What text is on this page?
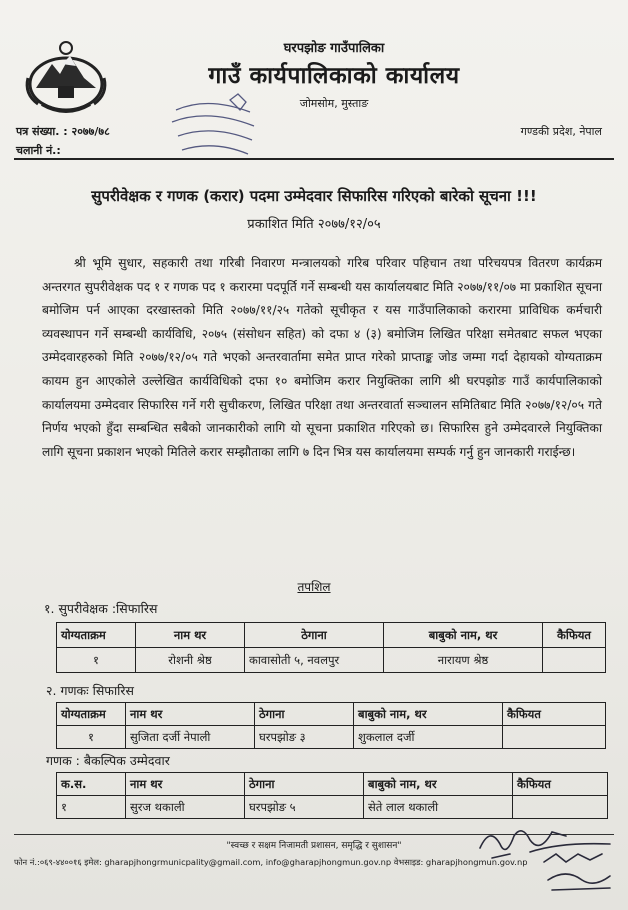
घरपझोङ गाउँपालिका
गाउँ कार्यपालिकाको कार्यालय
जोमसोम, मुस्ताङ
पत्र संख्या. : २०७७/७८
चलानी नं.:
गण्डकी प्रदेश, नेपाल
सुपरीवेक्षक र गणक (करार) पदमा उम्मेदवार सिफारिस गरिएको बारेको सूचना !!!
प्रकाशित मिति २०७७/१२/०५
श्री भूमि सुधार, सहकारी तथा गरिबी निवारण मन्त्रालयको गरिब परिवार पहिचान तथा परिचयपत्र वितरण कार्यक्रम अन्तरगत सुपरीवेक्षक पद १ र गणक पद १ करारमा पदपूर्ति गर्ने सम्बन्धी यस कार्यालयबाट मिति २०७७/११/०७ मा प्रकाशित सूचना बमोजिम पर्न आएका दरखास्तको मिति २०७७/११/२५ गतेको सूचीकृत र यस गाउँपालिकाको करारमा प्राविधिक कर्मचारी व्यवस्थापन गर्ने सम्बन्धी कार्यविधि, २०७५ (संसोधन सहित) को दफा ४ (३) बमोजिम लिखित परिक्षा समेतबाट सफल भएका उम्मेदवारहरुको मिति २०७७/१२/०५ गते भएको अन्तरवार्तामा समेत प्राप्त गरेको प्राप्ताङ्क जोड जम्मा गर्दा देहायको योग्यताक्रम कायम हुन आएकोले उल्लेखित कार्यविधिको दफा १० बमोजिम करार नियुक्तिका लागि श्री घरपझोङ गाउँ कार्यपालिकाको कार्यालयमा उम्मेदवार सिफारिस गर्ने गरी सुचीकरण, लिखित परिक्षा तथा अन्तरवार्ता सञ्चालन समितिबाट मिति २०७७/१२/०५ गते निर्णय भएको हुँदा सम्बन्धित सबैको जानकारीको लागि यो सूचना प्रकाशित गरिएको छ। सिफारिस हुने उम्मेदवारले नियुक्तिका लागि सूचना प्रकाशन भएको मितिले करार सम्झौताका लागि ७ दिन भित्र यस कार्यालयमा सम्पर्क गर्नु हुन जानकारी गराईन्छ।
तपशिल
१. सुपरीवेक्षक :सिफारिस
योग्यताक्रम	नाम थर	ठेगाना	बाबुको नाम, थर	कैफियत
१	रोशनी श्रेष्ठ	कावासोती ५, नवलपुर	नारायण श्रेष्ठ	
२. गणकः सिफारिस
योग्यताक्रम	नाम थर	ठेगाना	बाबुको नाम, थर	कैफियत
१	सुजिता दर्जी नेपाली	घरपझोङ ३	शुकलाल दर्जी	
गणक : बैकल्पिक उम्मेदवार
क.स.	नाम थर	ठेगाना	बाबुको नाम, थर	कैफियत
१	सुरज थकाली	घरपझोङ ५	सेते लाल थकाली	
"स्वच्छ र सक्षम निजामती प्रशासन, समृद्धि र सुशासन"
फोन नं.:०६९-४४००१६ इमेल: gharapjhongrmunicpality@gmail.com, info@gharapjhongmun.gov.np वेभसाइड: gharapjhongmun.gov.np
